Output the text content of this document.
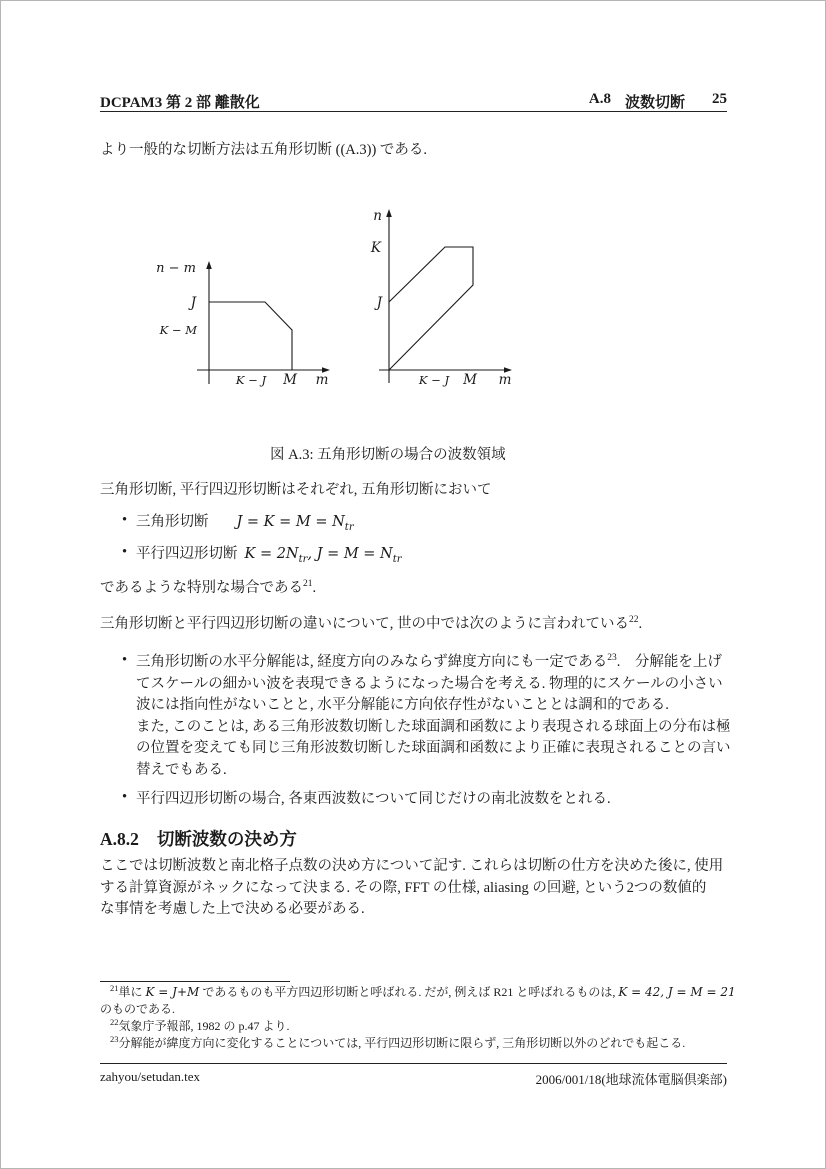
DCPAM3 第 2 部 離散化	A.8 波数切断 25
より一般的な切断方法は五角形切断 ((A.3)) である.
n − m
J
K − M
K − J M m
n
K
J
K − J M m
図 A.3: 五角形切断の場合の波数領域
三角形切断, 平行四辺形切断はそれぞれ, 五角形切断において
• 三角形切断 $J = K = M = N_{tr}$
• 平行四辺形切断 $K = 2N_{tr}$, $J = M = N_{tr}$
であるような特別な場合である$^{21}$.
三角形切断と平行四辺形切断の違いについて, 世の中では次のように言われている$^{22}$.
• 三角形切断の水平分解能は, 経度方向のみならず緯度方向にも一定である$^{23}$.　分解能を上げ
てスケールの細かい波を表現できるようになった場合を考える. 物理的にスケールの小さい
波には指向性がないことと, 水平分解能に方向依存性がないこととは調和的である.
また, このことは, ある三角形波数切断した球面調和函数により表現される球面上の分布は極
の位置を変えても同じ三角形波数切断した球面調和函数により正確に表現されることの言い
替えでもある.
• 平行四辺形切断の場合, 各東西波数について同じだけの南北波数をとれる.
A.8.2 切断波数の決め方
ここでは切断波数と南北格子点数の決め方について記す. これらは切断の仕方を決めた後に, 使用
する計算資源がネックになって決まる. その際, FFT の仕様, aliasing の回避, という2つの数値的
な事情を考慮した上で決める必要がある.
$^{21}$単に K = J+M であるものも平方四辺形切断と呼ばれる. だが, 例えば R21 と呼ばれるものは, K = 42, J = M = 21
のものである.
$^{22}$気象庁予報部, 1982 の p.47 より.
$^{23}$分解能が緯度方向に変化することについては, 平行四辺形切断に限らず, 三角形切断以外のどれでも起こる.
zahyou/setudan.tex	2006/001/18(地球流体電脳倶楽部)
